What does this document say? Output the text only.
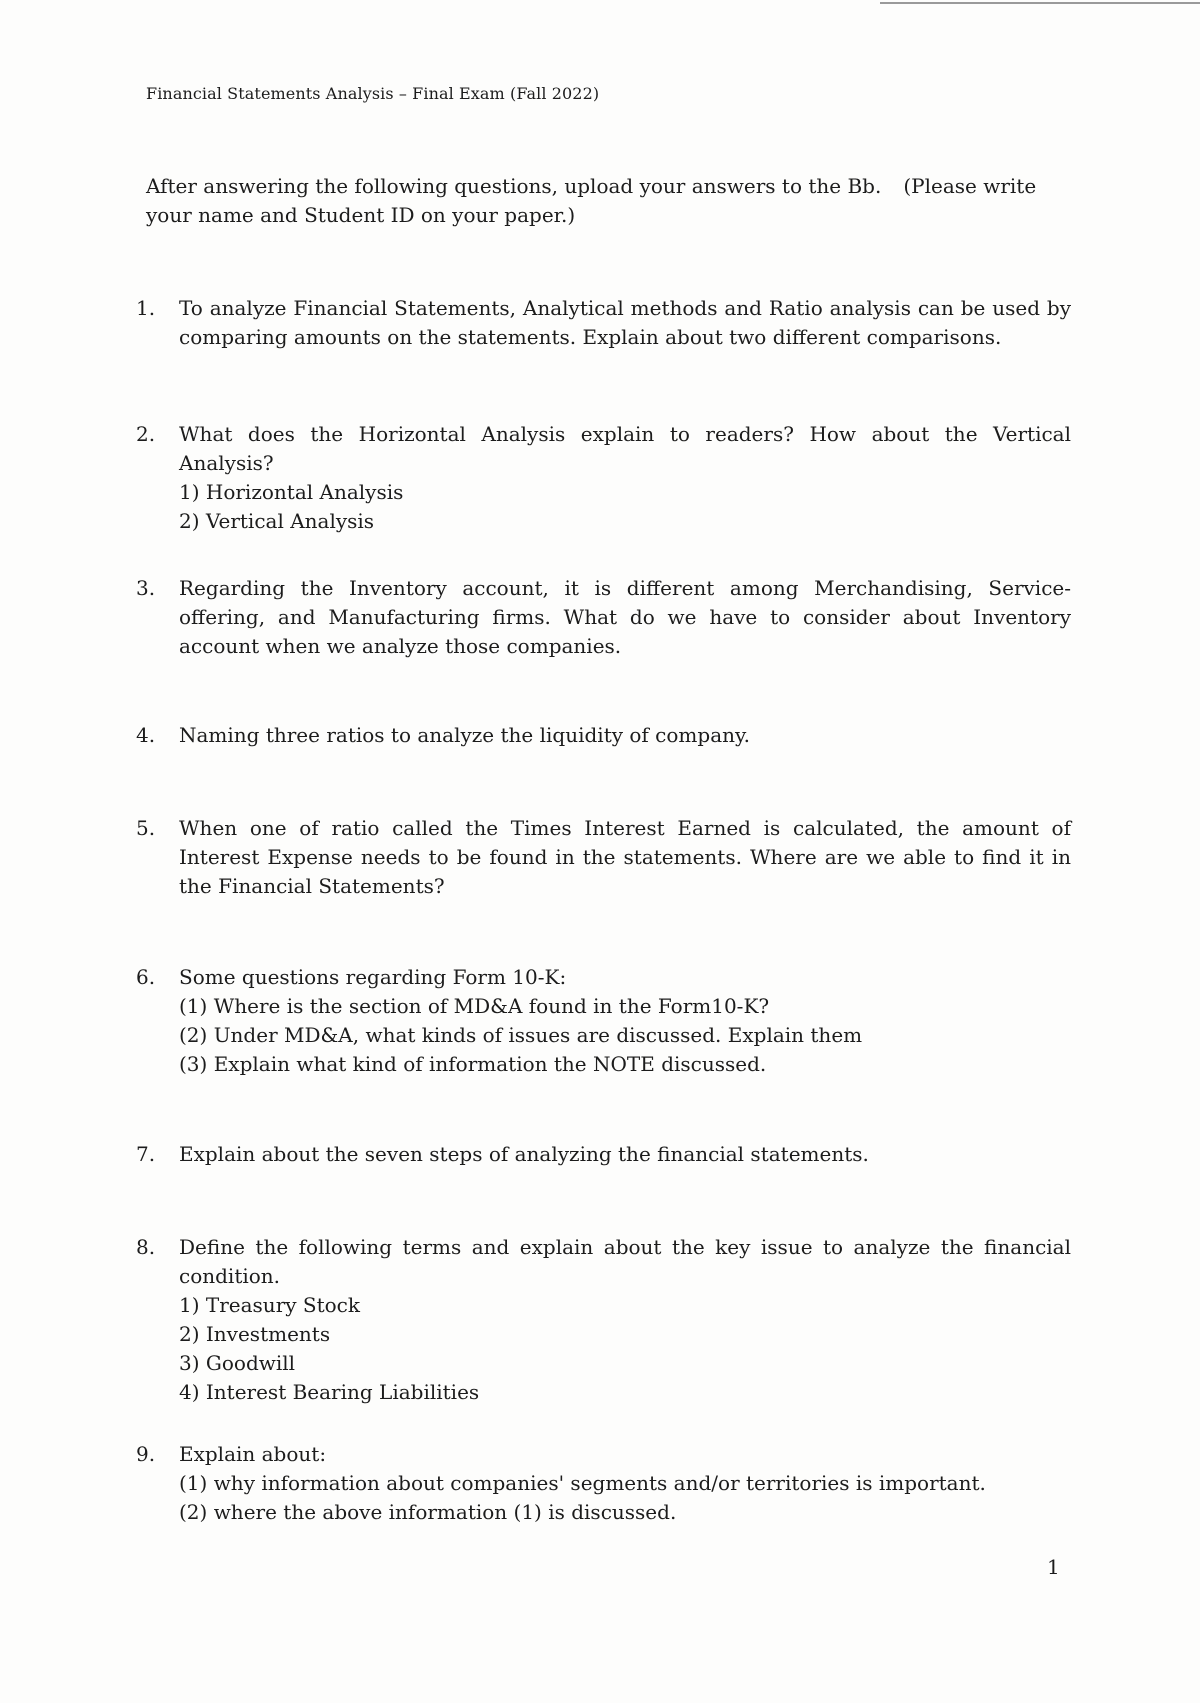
Financial Statements Analysis – Final Exam (Fall 2022)
After answering the following questions, upload your answers to the Bb. (Please write your name and Student ID on your paper.)
1.	To analyze Financial Statements, Analytical methods and Ratio analysis can be used by comparing amounts on the statements. Explain about two different comparisons.
2.	What does the Horizontal Analysis explain to readers? How about the Vertical Analysis?
1) Horizontal Analysis
2) Vertical Analysis
3.	Regarding the Inventory account, it is different among Merchandising, Service-offering, and Manufacturing firms. What do we have to consider about Inventory account when we analyze those companies.
4.	Naming three ratios to analyze the liquidity of company.
5.	When one of ratio called the Times Interest Earned is calculated, the amount of Interest Expense needs to be found in the statements. Where are we able to find it in the Financial Statements?
6.	Some questions regarding Form 10-K:
(1) Where is the section of MD&A found in the Form10-K?
(2) Under MD&A, what kinds of issues are discussed. Explain them
(3) Explain what kind of information the NOTE discussed.
7.	Explain about the seven steps of analyzing the financial statements.
8.	Define the following terms and explain about the key issue to analyze the financial condition.
1) Treasury Stock
2) Investments
3) Goodwill
4) Interest Bearing Liabilities
9.	Explain about:
(1) why information about companies' segments and/or territories is important.
(2) where the above information (1) is discussed.
1
